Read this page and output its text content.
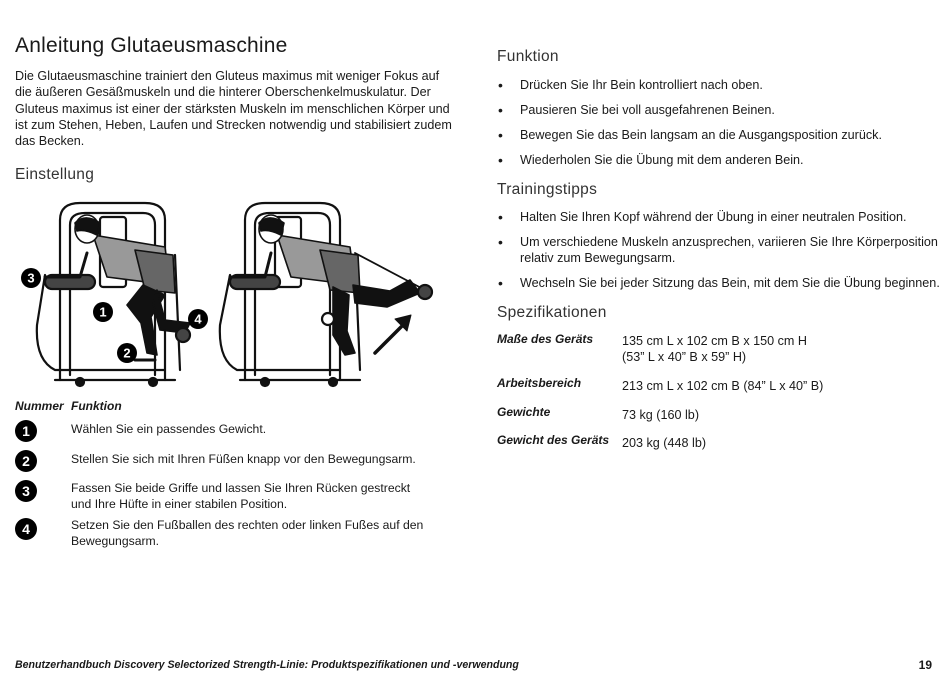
Anleitung Glutaeusmaschine

Die Glutaeusmaschine trainiert den Gluteus maximus mit weniger Fokus auf die äußeren Gesäßmuskeln und die hinterer Oberschenkelmuskulatur. Der Gluteus maximus ist einer der stärksten Muskeln im menschlichen Körper und ist zum Stehen, Heben, Laufen und Strecken notwendig und stabilisiert zudem das Becken.

Einstellung
3
1
2
4
Nummer Funktion
1	Wählen Sie ein passendes Gewicht.
2	Stellen Sie sich mit Ihren Füßen knapp vor den Bewegungsarm.
3	Fassen Sie beide Griffe und lassen Sie Ihren Rücken gestreckt und Ihre Hüfte in einer stabilen Position.
4	Setzen Sie den Fußballen des rechten oder linken Fußes auf den Bewegungsarm.
Funktion
• Drücken Sie Ihr Bein kontrolliert nach oben.
• Pausieren Sie bei voll ausgefahrenen Beinen.
• Bewegen Sie das Bein langsam an die Ausgangsposition zurück.
• Wiederholen Sie die Übung mit dem anderen Bein.
Trainingstipps
• Halten Sie Ihren Kopf während der Übung in einer neutralen Position.
• Um verschiedene Muskeln anzusprechen, variieren Sie Ihre Körperposition relativ zum Bewegungsarm.
• Wechseln Sie bei jeder Sitzung das Bein, mit dem Sie die Übung beginnen.
Spezifikationen
Maße des Geräts	135 cm L x 102 cm B x 150 cm H
(53” L x 40” B x 59” H)
Arbeitsbereich	213 cm L x 102 cm B (84” L x 40” B)
Gewichte	73 kg (160 lb)
Gewicht des Geräts	203 kg (448 lb)
Benutzerhandbuch Discovery Selectorized Strength-Linie: Produktspezifikationen und -verwendung	19
